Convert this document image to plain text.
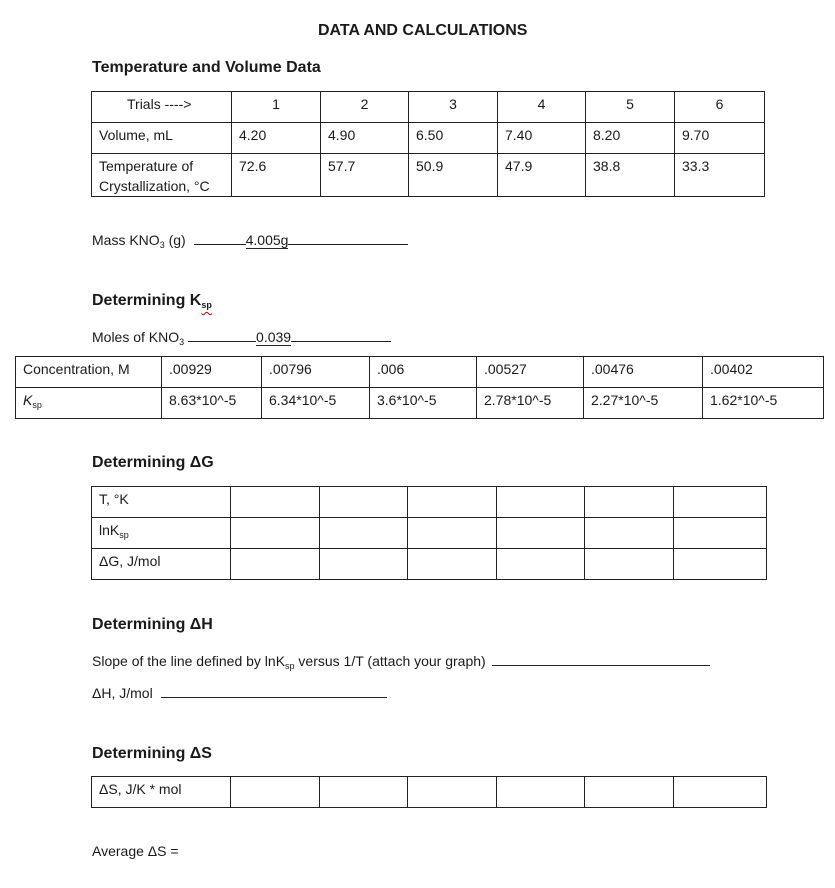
DATA AND CALCULATIONS
Temperature and Volume Data
Trials ---->	1	2	3	4	5	6
Volume, mL	4.20	4.90	6.50	7.40	8.20	9.70
Temperature of
Crystallization, °C	72.6	57.7	50.9	47.9	38.8	33.3
Mass $KNO_3$ (g)	4.005g
Determining $K_{sp}$
Moles of $KNO_3$	0.039
Concentration, M	.00929	.00796	.006	.00527	.00476	.00402
$K_{sp}$	8.63*10^-5	6.34*10^-5	3.6*10^-5	2.78*10^-5	2.27*10^-5	1.62*10^-5
Determining ΔG
T, °K						
lnK$_{sp}$						
ΔG, J/mol						
Determining ΔH
Slope of the line defined by lnK$_{sp}$ versus 1/T (attach your graph)
ΔH, J/mol
Determining ΔS
ΔS, J/K * mol						
Average ΔS =
